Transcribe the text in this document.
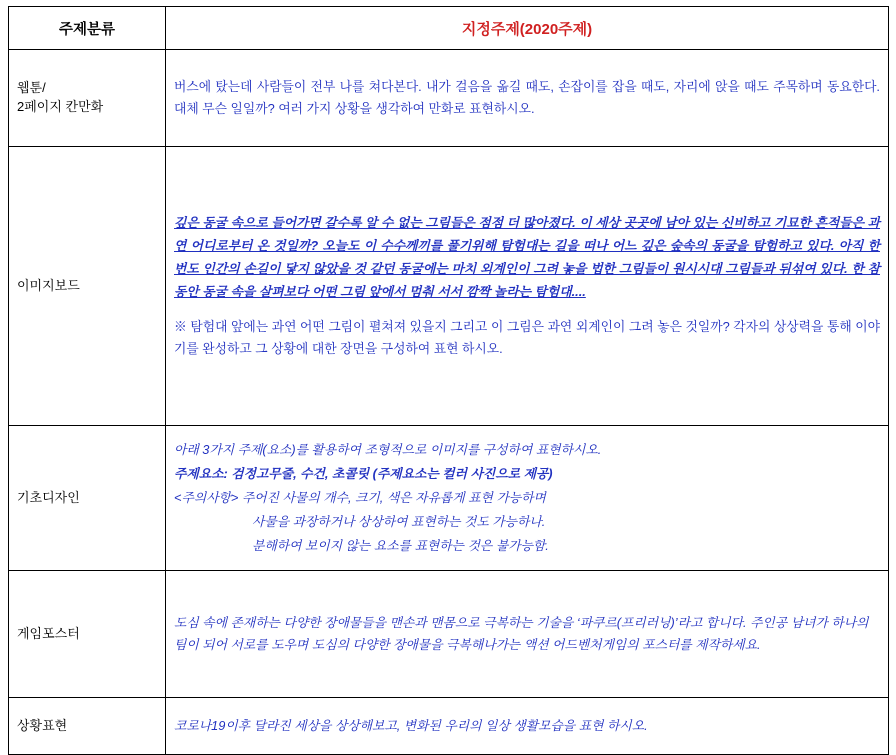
주제분류	지정주제(2020주제)
웹툰/
2페이지 칸만화	버스에 탔는데 사람들이 전부 나를 쳐다본다. 내가 걸음을 옮길 때도, 손잡이를 잡을 때도, 자리에 앉을 때도 주목하며 동요한다. 대체 무슨 일일까? 여러 가지 상황을 생각하여 만화로 표현하시오.

이미지보드	깊은 동굴 속으로 들어가면 갈수록 알 수 없는 그림들은 점점 더 많아졌다. 이 세상 곳곳에 남아 있는 신비하고 기묘한 흔적들은 과연 어디로부터 온 것일까? 오늘도 이 수수께끼를 풀기위해 탐험대는 길을 떠나 어느 깊은 숲속의 동굴을 탐험하고 있다. 아직 한 번도 인간의 손길이 닿지 않았을 것 같던 동굴에는 마치 외계인이 그려 놓을 법한 그림들이 원시시대 그림들과 뒤섞여 있다. 한 참 동안 동굴 속을 살펴보다 어떤 그림 앞에서 멈춰 서서 깜짝 놀라는 탐험대....

※ 탐험대 앞에는 과연 어떤 그림이 펼쳐져 있을지 그리고 이 그림은 과연 외계인이 그려 놓은 것일까? 각자의 상상력을 통해 이야기를 완성하고 그 상황에 대한 장면을 구성하여 표현 하시오.

기초디자인	아래 3가지 주제(요소)를 활용하여 조형적으로 이미지를 구성하여 표현하시오.

주제요소: 검정고무줄, 수건, 초콜릿 (주제요소는 컬러 사진으로 제공)

<주의사항> 주어진 사물의 개수, 크기, 색은 자유롭게 표현 가능하며

사물을 과장하거나 상상하여 표현하는 것도 가능하나.

분해하여 보이지 않는 요소를 표현하는 것은 불가능함.

게임포스터	도심 속에 존재하는 다양한 장애물들을 맨손과 맨몸으로 극복하는 기술을 ‘파쿠르(프리러닝)’라고 합니다. 주인공 남녀가 하나의 팀이 되어 서로를 도우며 도심의 다양한 장애물을 극복해나가는 액션 어드벤처게임의 포스터를 제작하세요.

상황표현	코로나19이후 달라진 세상을 상상해보고, 변화된 우리의 일상 생활모습을 표현 하시오.
